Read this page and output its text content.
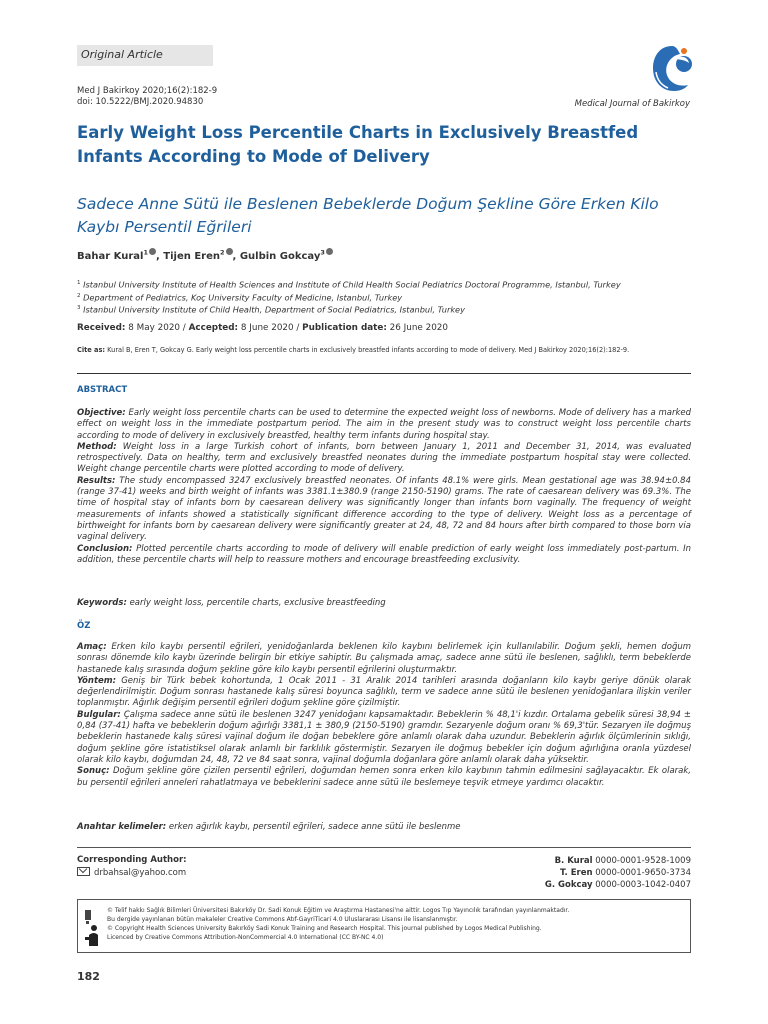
Original Article
Med J Bakirkoy 2020;16(2):182-9
doi: 10.5222/BMJ.2020.94830	Medical Journal of Bakirkoy
Early Weight Loss Percentile Charts in Exclusively Breastfed Infants According to Mode of Delivery
Sadece Anne Sütü ile Beslenen Bebeklerde Doğum Şekline Göre Erken Kilo Kaybı Persentil Eğrileri
Bahar Kural$^1$ , Tijen Eren$^2$ , Gulbin Gokcay$^3$
$^1$ Istanbul University Institute of Health Sciences and Institute of Child Health Social Pediatrics Doctoral Programme, Istanbul, Turkey
$^2$ Department of Pediatrics, Koç University Faculty of Medicine, Istanbul, Turkey
$^3$ Istanbul University Institute of Child Health, Department of Social Pediatrics, Istanbul, Turkey
Received: 8 May 2020 / Accepted: 8 June 2020 / Publication date: 26 June 2020
Cite as: Kural B, Eren T, Gokcay G. Early weight loss percentile charts in exclusively breastfed infants according to mode of delivery. Med J Bakirkoy 2020;16(2):182-9.
ABSTRACT

Objective: Early weight loss percentile charts can be used to determine the expected weight loss of newborns. Mode of delivery has a marked effect on weight loss in the immediate postpartum period. The aim in the present study was to construct weight loss percentile charts according to mode of delivery in exclusively breastfed, healthy term infants during hospital stay.

Method: Weight loss in a large Turkish cohort of infants, born between January 1, 2011 and December 31, 2014, was evaluated retrospectively. Data on healthy, term and exclusively breastfed neonates during the immediate postpartum hospital stay were collected. Weight change percentile charts were plotted according to mode of delivery.

Results: The study encompassed 3247 exclusively breastfed neonates. Of infants 48.1% were girls. Mean gestational age was 38.94±0.84 (range 37-41) weeks and birth weight of infants was 3381.1±380.9 (range 2150-5190) grams. The rate of caesarean delivery was 69.3%. The time of hospital stay of infants born by caesarean delivery was significantly longer than infants born vaginally. The frequency of weight measurements of infants showed a statistically significant difference according to the type of delivery. Weight loss as a percentage of birthweight for infants born by caesarean delivery were significantly greater at 24, 48, 72 and 84 hours after birth compared to those born via vaginal delivery.

Conclusion: Plotted percentile charts according to mode of delivery will enable prediction of early weight loss immediately post-partum. In addition, these percentile charts will help to reassure mothers and encourage breastfeeding exclusivity.

Keywords: early weight loss, percentile charts, exclusive breastfeeding
ÖZ

Amaç: Erken kilo kaybı persentil eğrileri, yenidoğanlarda beklenen kilo kaybını belirlemek için kullanılabilir. Doğum şekli, hemen doğum sonrası dönemde kilo kaybı üzerinde belirgin bir etkiye sahiptir. Bu çalışmada amaç, sadece anne sütü ile beslenen, sağlıklı, term bebeklerde hastanede kalış sırasında doğum şekline göre kilo kaybı persentil eğrilerini oluşturmaktır.

Yöntem: Geniş bir Türk bebek kohortunda, 1 Ocak 2011 - 31 Aralık 2014 tarihleri arasında doğanların kilo kaybı geriye dönük olarak değerlendirilmiştir. Doğum sonrası hastanede kalış süresi boyunca sağlıklı, term ve sadece anne sütü ile beslenen yenidoğanlara ilişkin veriler toplanmıştır. Ağırlık değişim persentil eğrileri doğum şekline göre çizilmiştir.

Bulgular: Çalışma sadece anne sütü ile beslenen 3247 yenidoğanı kapsamaktadır. Bebeklerin % 48,1'i kızdır. Ortalama gebelik süresi 38,94 ± 0,84 (37-41) hafta ve bebeklerin doğum ağırlığı 3381,1 ± 380,9 (2150-5190) gramdır. Sezaryenle doğum oranı % 69,3'tür. Sezaryen ile doğmuş bebeklerin hastanede kalış süresi vajinal doğum ile doğan bebeklere göre anlamlı olarak daha uzundur. Bebeklerin ağırlık ölçümlerinin sıklığı, doğum şekline göre istatistiksel olarak anlamlı bir farklılık göstermiştir. Sezaryen ile doğmuş bebekler için doğum ağırlığına oranla yüzdesel olarak kilo kaybı, doğumdan 24, 48, 72 ve 84 saat sonra, vajinal doğumla doğanlara göre anlamlı olarak daha yüksektir.

Sonuç: Doğum şekline göre çizilen persentil eğrileri, doğumdan hemen sonra erken kilo kaybının tahmin edilmesini sağlayacaktır. Ek olarak, bu persentil eğrileri anneleri rahatlatmaya ve bebeklerini sadece anne sütü ile beslemeye teşvik etmeye yardımcı olacaktır.

Anahtar kelimeler: erken ağırlık kaybı, persentil eğrileri, sadece anne sütü ile beslenme
Corresponding Author:
drbahsal@yahoo.com
B. Kural 0000-0001-9528-1009
T. Eren 0000-0001-9650-3734
G. Gokcay 0000-0003-1042-0407
© Telif hakkı Sağlık Bilimleri Üniversitesi Bakırköy Dr. Sadi Konuk Eğitim ve Araştırma Hastanesi'ne aittir. Logos Tıp Yayıncılık tarafından yayınlanmaktadır.
Bu dergide yayınlanan bütün makaleler Creative Commons Atıf-GayriTicari 4.0 Uluslararası Lisansı ile lisanslanmıştır.
© Copyright Health Sciences University Bakırköy Sadi Konuk Training and Research Hospital. This journal published by Logos Medical Publishing.
Licenced by Creative Commons Attribution-NonCommercial 4.0 International (CC BY-NC 4.0)
182
